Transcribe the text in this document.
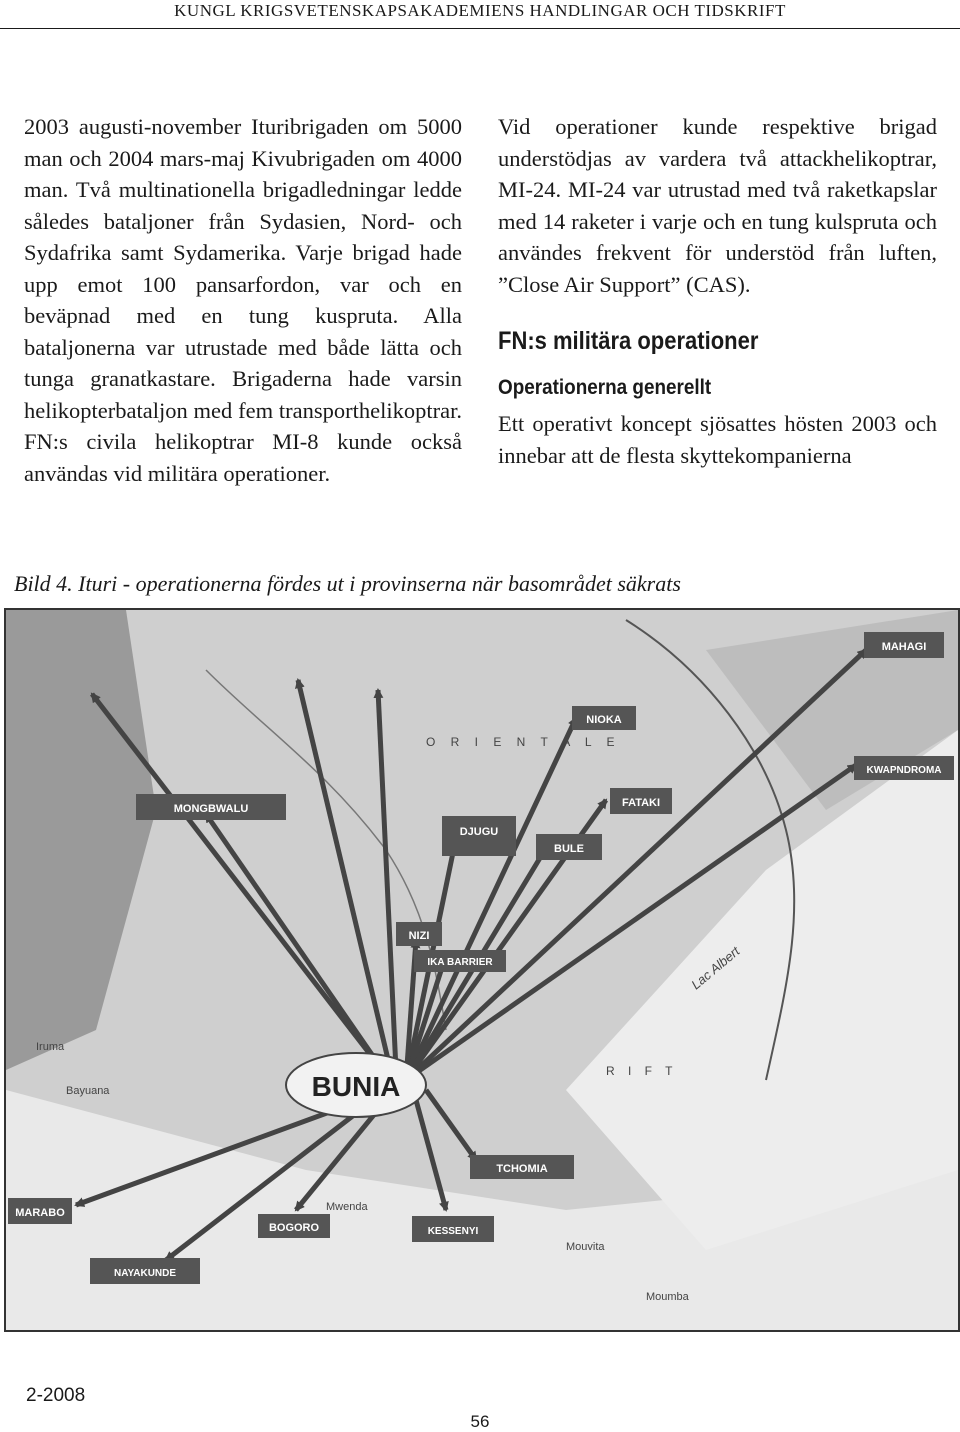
KUNGL KRIGSVETENSKAPSAKADEMIENS HANDLINGAR OCH TIDSKRIFT

2003 augusti-november Ituribrigaden om 5000 man och 2004 mars-maj Kivubrigaden om 4000 man. Två multinationella brigadledningar ledde således bataljoner från Sydasien, Nord- och Sydafrika samt Sydamerika. Varje brigad hade upp emot 100 pansarfordon, var och en beväpnad med en tung kuspruta. Alla bataljonerna var utrustade med både lätta och tunga granatkastare. Brigaderna hade varsin helikopterbataljon med fem transporthelikoptrar. FN:s civila helikoptrar MI-8 kunde också användas vid militära operationer.

Vid operationer kunde respektive brigad understödjas av vardera två attackhelikoptrar, MI-24. MI-24 var utrustad med två raketkapslar med 14 raketer i varje och en tung kulspruta och användes frekvent för understöd från luften, ”Close Air Support” (CAS).

FN:s militära operationer
Operationerna generellt

Ett operativt koncept sjösattes hösten 2003 och innebar att de flesta skyttekompanierna

Bild 4. Ituri - operationerna fördes ut i provinserna när basområdet säkrats
O R I E N T A L E
R I F T
Lac Albert
Iruma
Bayuana
Mwenda
Mouvita
Moumba
BUNIA
MAHAGI
NIOKA
KWAPNDROMA
FATAKI
MONGBWALU
DJUGU
BULE
NIZI
IKA BARRIER
TCHOMIA
MARABO
BOGORO	KESSENYI
NAYAKUNDE
2-2008
56
